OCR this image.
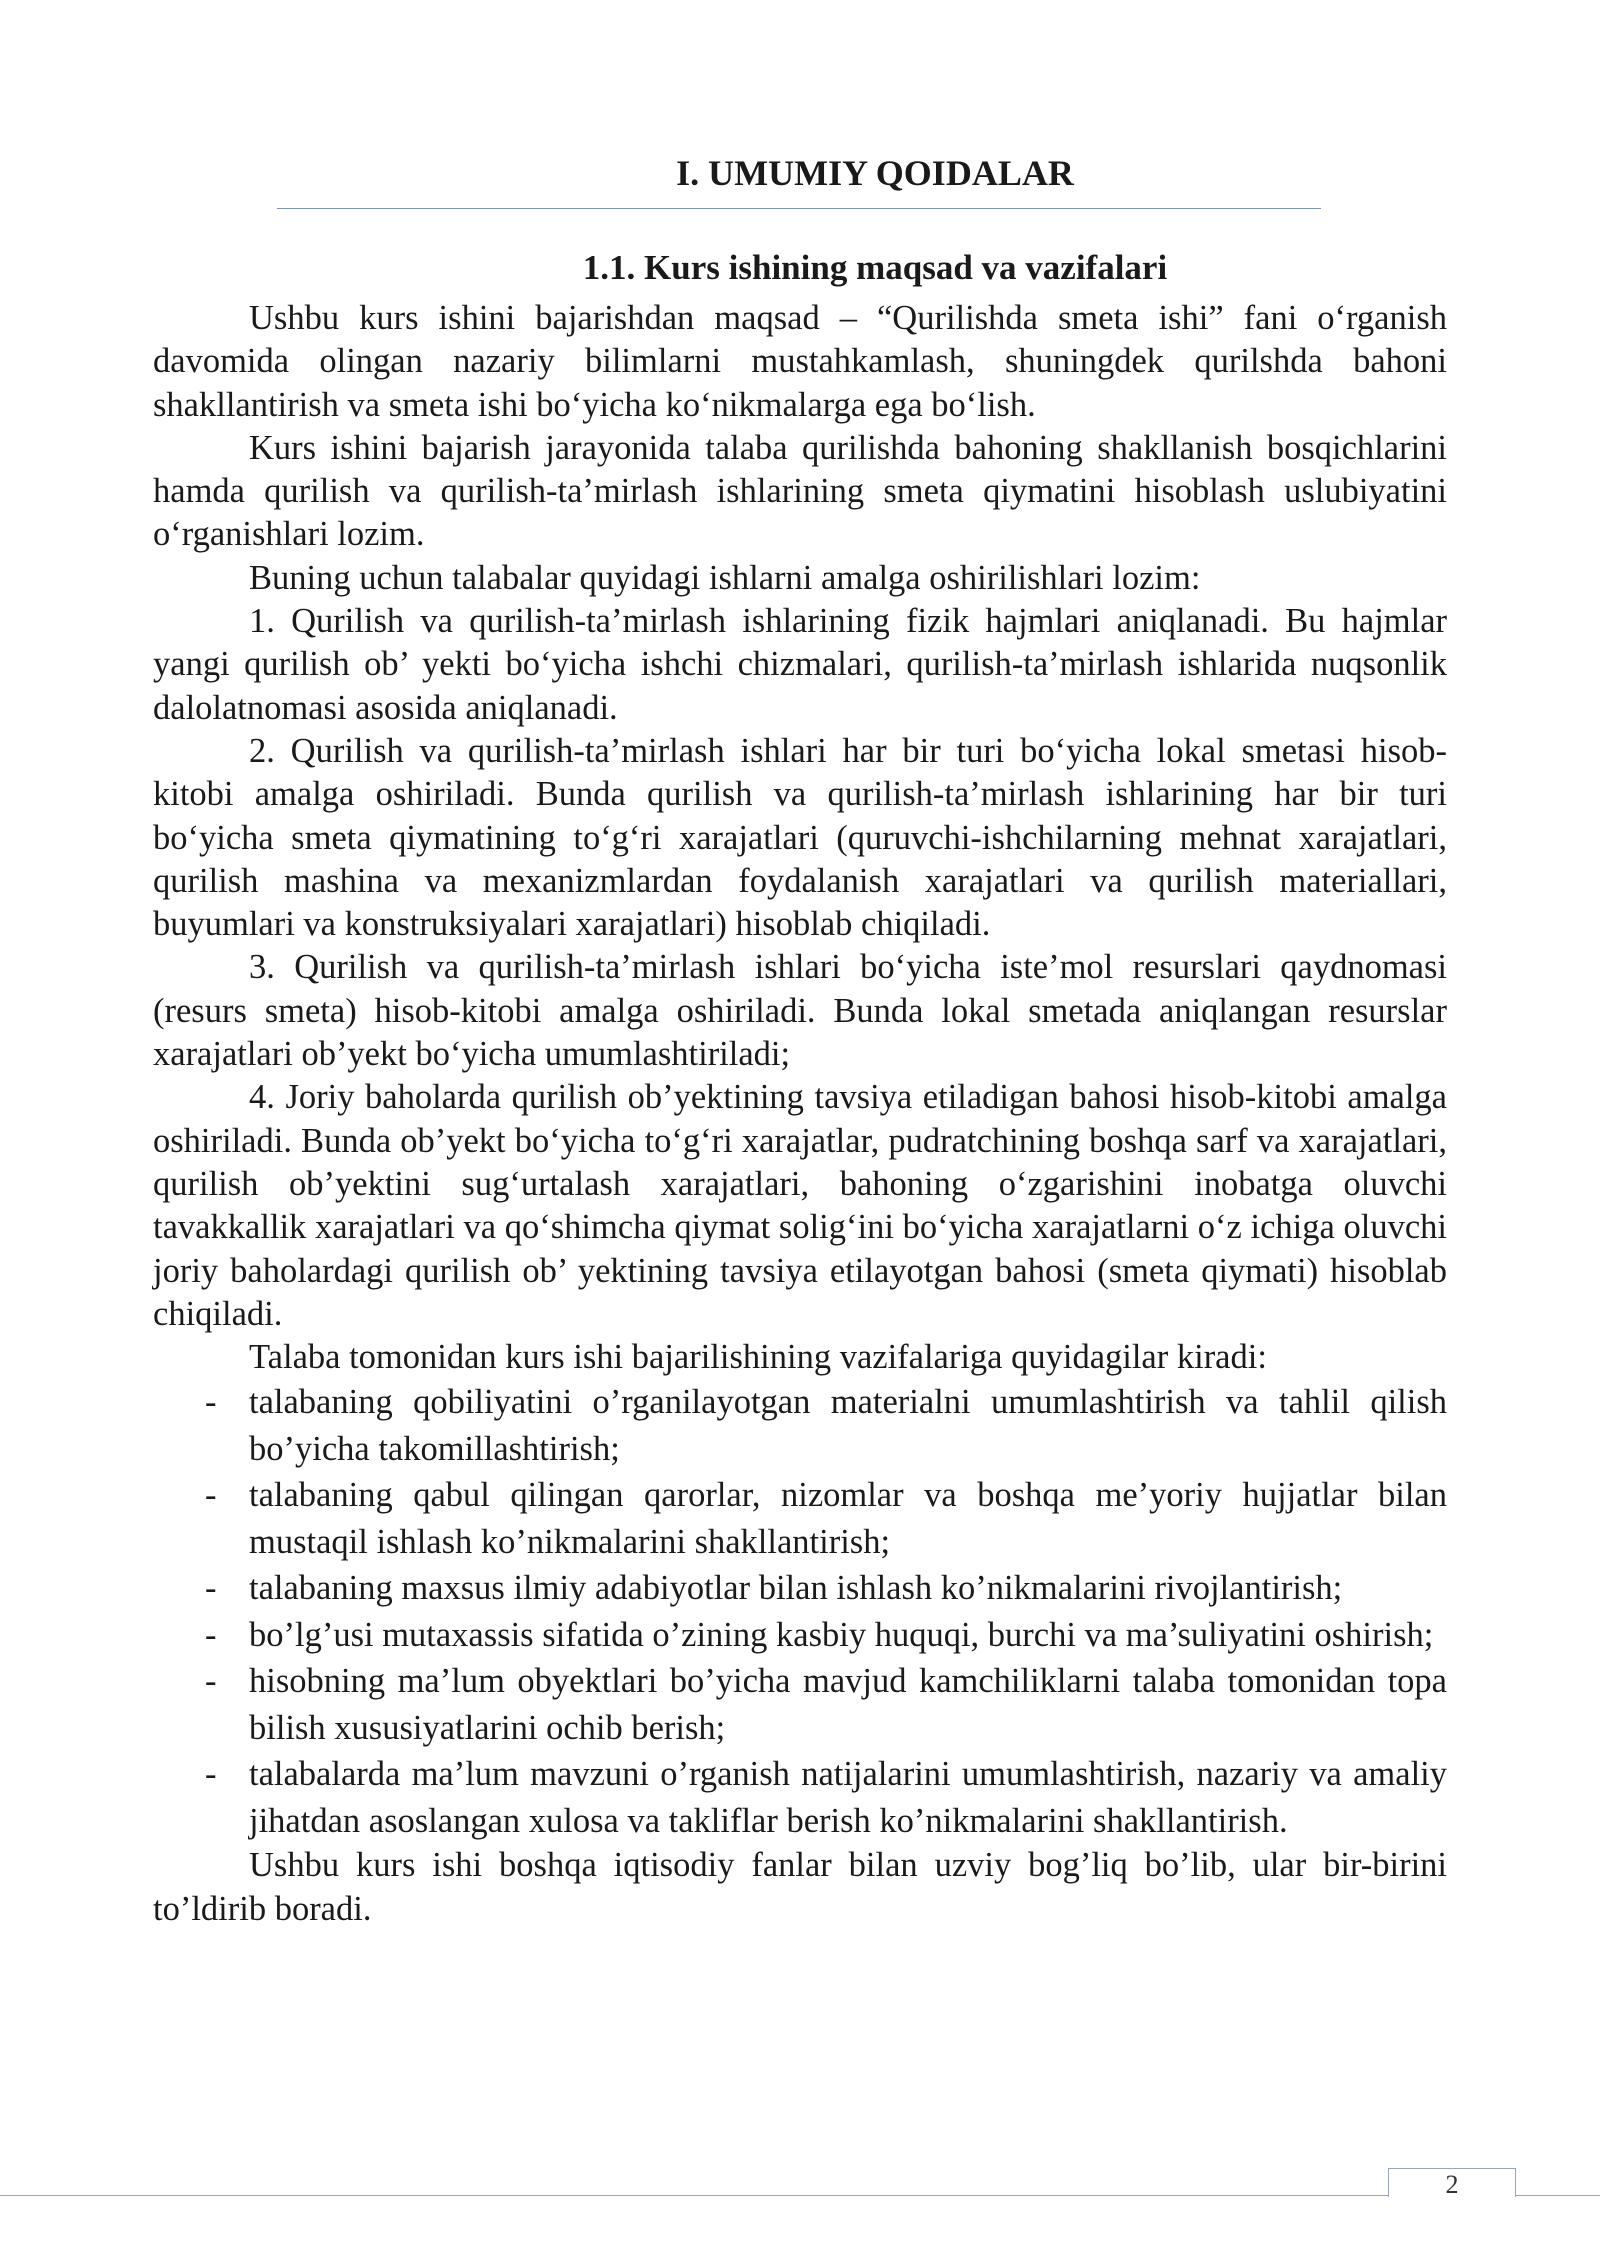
I. UMUMIY QOIDALAR
1.1. Kurs ishining maqsad va vazifalari

Ushbu kurs ishini bajarishdan maqsad – “Qurilishda smeta ishi” fani o‘rganish davomida olingan nazariy bilimlarni mustahkamlash, shuningdek qurilshda bahoni shakllantirish va smeta ishi bo‘yicha ko‘nikmalarga ega bo‘lish.

Kurs ishini bajarish jarayonida talaba qurilishda bahoning shakllanish bosqichlarini hamda qurilish va qurilish-ta’mirlash ishlarining smeta qiymatini hisoblash uslubiyatini o‘rganishlari lozim.

Buning uchun talabalar quyidagi ishlarni amalga oshirilishlari lozim:

1. Qurilish va qurilish-ta’mirlash ishlarining fizik hajmlari aniqlanadi. Bu hajmlar yangi qurilish ob’ yekti bo‘yicha ishchi chizmalari, qurilish-ta’mirlash ishlarida nuqsonlik dalolatnomasi asosida aniqlanadi.

2. Qurilish va qurilish-ta’mirlash ishlari har bir turi bo‘yicha lokal smetasi hisob-kitobi amalga oshiriladi. Bunda qurilish va qurilish-ta’mirlash ishlarining har bir turi bo‘yicha smeta qiymatining to‘g‘ri xarajatlari (quruvchi-ishchilarning mehnat xarajatlari, qurilish mashina va mexanizmlardan foydalanish xarajatlari va qurilish materiallari, buyumlari va konstruksiyalari xarajatlari) hisoblab chiqiladi.

3. Qurilish va qurilish-ta’mirlash ishlari bo‘yicha iste’mol resurslari qaydnomasi (resurs smeta) hisob-kitobi amalga oshiriladi. Bunda lokal smetada aniqlangan resurslar xarajatlari ob’yekt bo‘yicha umumlashtiriladi;

4. Joriy baholarda qurilish ob’yektining tavsiya etiladigan bahosi hisob-kitobi amalga oshiriladi. Bunda ob’yekt bo‘yicha to‘g‘ri xarajatlar, pudratchining boshqa sarf va xarajatlari, qurilish ob’yektini sug‘urtalash xarajatlari, bahoning o‘zgarishini inobatga oluvchi tavakkallik xarajatlari va qo‘shimcha qiymat solig‘ini bo‘yicha xarajatlarni o‘z ichiga oluvchi joriy baholardagi qurilish ob’ yektining tavsiya etilayotgan bahosi (smeta qiymati) hisoblab chiqiladi.

Talaba tomonidan kurs ishi bajarilishining vazifalariga quyidagilar kiradi:

- talabaning qobiliyatini o’rganilayotgan materialni umumlashtirish va tahlil qilish bo’yicha takomillashtirish;
- talabaning qabul qilingan qarorlar, nizomlar va boshqa me’yoriy hujjatlar bilan mustaqil ishlash ko’nikmalarini shakllantirish;
- talabaning maxsus ilmiy adabiyotlar bilan ishlash ko’nikmalarini rivojlantirish;
- bo’lg’usi mutaxassis sifatida o’zining kasbiy huquqi, burchi va ma’suliyatini oshirish;
- hisobning ma’lum obyektlari bo’yicha mavjud kamchiliklarni talaba tomonidan topa bilish xususiyatlarini ochib berish;
- talabalarda ma’lum mavzuni o’rganish natijalarini umumlashtirish, nazariy va amaliy jihatdan asoslangan xulosa va takliflar berish ko’nikmalarini shakllantirish.

Ushbu kurs ishi boshqa iqtisodiy fanlar bilan uzviy bog’liq bo’lib, ular bir-birini to’ldirib boradi.

2
